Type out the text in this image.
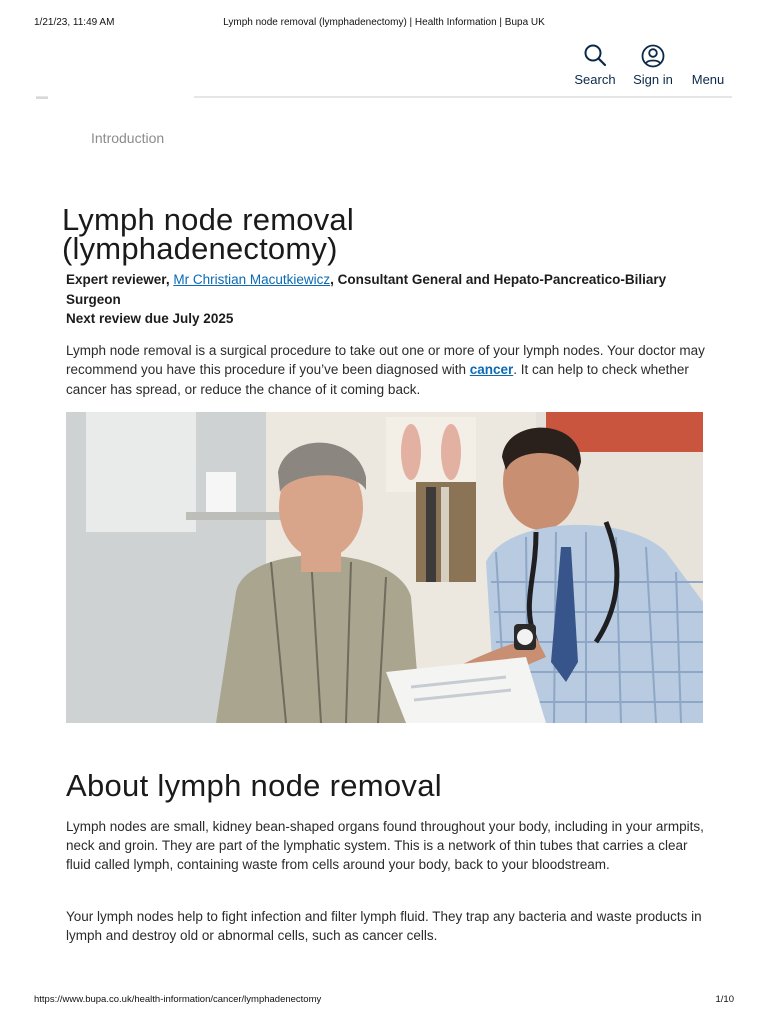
1/21/23, 11:49 AM	Lymph node removal (lymphadenectomy) | Health Information | Bupa UK
Search Sign in	Menu
Introduction
Lymph node removal
(lymphadenectomy)
Expert reviewer, Mr Christian Macutkiewicz, Consultant General and Hepato-Pancreatico-Biliary Surgeon
Next review due July 2025

Lymph node removal is a surgical procedure to take out one or more of your lymph nodes. Your doctor may recommend you have this procedure if you’ve been diagnosed with cancer. It can help to check whether cancer has spread, or reduce the chance of it coming back.

About lymph node removal

Lymph nodes are small, kidney bean-shaped organs found throughout your body, including in your armpits, neck and groin. They are part of the lymphatic system. This is a network of thin tubes that carries a clear fluid called lymph, containing waste from cells around your body, back to your bloodstream.

Your lymph nodes help to fight infection and filter lymph fluid. They trap any bacteria and waste products in lymph and destroy old or abnormal cells, such as cancer cells.

https://www.bupa.co.uk/health-information/cancer/lymphadenectomy	1/10
